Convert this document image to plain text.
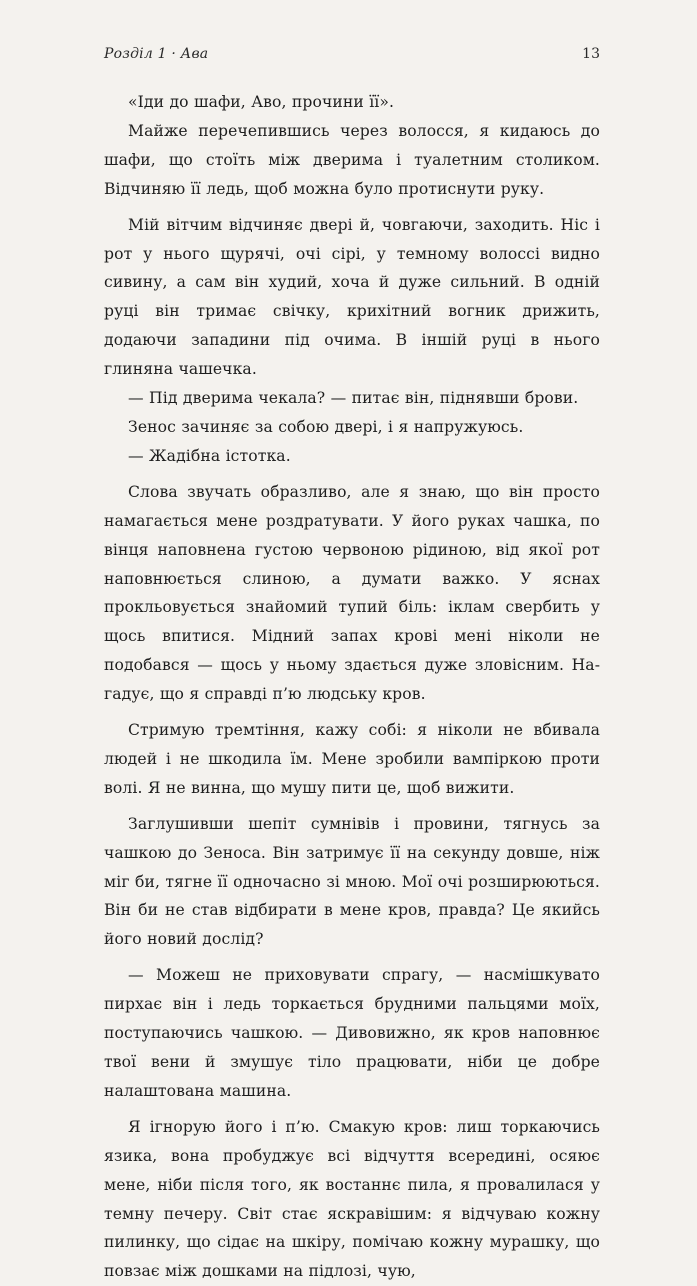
Розділ 1 · Ава	13

«Іди до шафи, Аво, прочини її».

Майже перечепившись через волосся, я кидаюсь до шафи, що стоїть між дверима і туалетним столиком. Відчиняю її ледь, щоб можна було протиснути руку.

Мій вітчим відчиняє двері й, човгаючи, заходить. Ніс і рот у нього щурячі, очі сірі, у темному волоссі видно сивину, а сам він худий, хоча й дуже сильний. В одній руці він тримає свічку, крихітний вогник дрижить, додаючи западини під очима. В іншій руці в нього глиняна чашечка.

— Під дверима чекала? — питає він, піднявши брови.

Зенос зачиняє за собою двері, і я напружуюсь.

— Жадібна істотка.

Слова звучать образливо, але я знаю, що він просто намагається мене роздратувати. У його руках чашка, по вінця наповнена густою червоною рідиною, від якої рот наповнюється слиною, а думати важко. У яснах прокльовується знайомий тупий біль: іклам свербить у щось впитися. Мідний запах крові мені ніколи не подобався — щось у ньому здається дуже зловісним. Нагадує, що я справді п’ю людську кров.

Стримую тремтіння, кажу собі: я ніколи не вбивала людей і не шкодила їм. Мене зробили вампіркою проти волі. Я не винна, що мушу пити це, щоб вижити.

Заглушивши шепіт сумнівів і провини, тягнусь за чашкою до Зеноса. Він затримує її на секунду довше, ніж міг би, тягне її одночасно зі мною. Мої очі розширюються. Він би не став відбирати в мене кров, правда? Це якийсь його новий дослід?

— Можеш не приховувати спрагу, — насмішкувато пирхає він і ледь торкається брудними пальцями моїх, поступаючись чашкою. — Дивовижно, як кров наповнює твої вени й змушує тіло працювати, ніби це добре налаштована машина.

Я ігнорую його і п’ю. Смакую кров: лиш торкаючись язика, вона пробуджує всі відчуття всередині, осяює мене, ніби після того, як востаннє пила, я провалилася у темну печеру. Світ стає яскравішим: я відчуваю кожну пилинку, що сідає на шкіру, помічаю кожну мурашку, що повзає між дошками на підлозі, чую,
